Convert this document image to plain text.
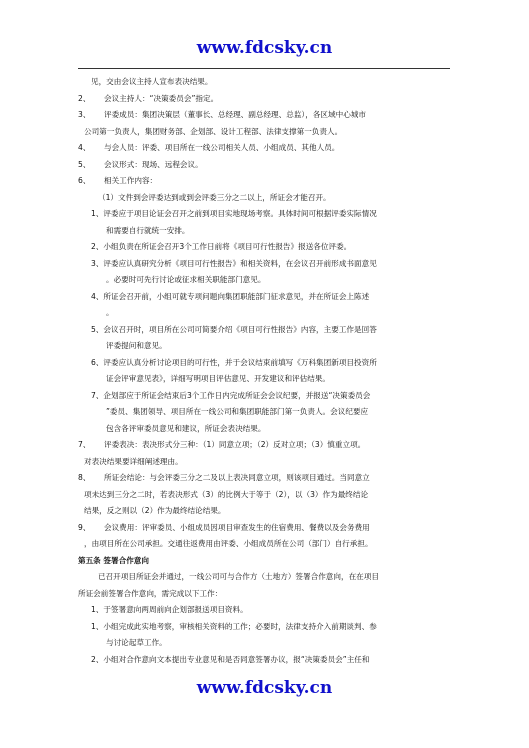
www.fdcsky.cn
见，交由会议主持人宣布表决结果。
2、 会议主持人：“决策委员会”指定。
3、 评委成员：集团决策层（董事长、总经理、副总经理、总监），各区域中心城市
公司第一负责人，集团财务部、企划部、设计工程部、法律支撑第一负责人。
4、 与会人员：评委、项目所在一线公司相关人员、小组成员、其他人员。
5、 会议形式：现场、远程会议。
6、 相关工作内容：
（1）文件到会评委达到或到会评委三分之二以上，所证会才能召开。
1、评委应于项目论证会召开之前到项目实地现场考察。具体时间可根据评委实际情况
和需要自行就统一安排。
2、小组负责在所证会召开3个工作日前将《项目可行性报告》报送各位评委。
3、评委应认真研究分析《项目可行性报告》和相关资料，在会议召开前形成书面意见
。必要时可先行讨论或征求相关职能部门意见。
4、所证会召开前，小组可就专项问题向集团职能部门征求意见，并在所证会上陈述
。
5、会议召开时，项目所在公司可简要介绍《项目可行性报告》内容，主要工作是回答
评委提问和意见。
6、评委应认真分析讨论项目的可行性，并于会议结束前填写《万科集团新项目投资所
证会评审意见表》，详细写明项目评估意见、开发建议和评估结果。
7、企划部应于所证会结束后3个工作日内完成所证会会议纪要，并报送“决策委员会
”委员、集团领导、项目所在一线公司和集团职能部门第一负责人。会议纪要应
包含各评审委员意见和建议，所证会表决结果。
7、 评委表决：表决形式分三种：（1）同意立项；（2）反对立项；（3）慎重立项。
对表决结果要详细阐述理由。
8、 所证会结论：与会评委三分之二及以上表决同意立项，则该项目通过。当同意立
项未达到三分之二时，若表决形式（3）的比例大于等于（2），以（3）作为最终结论
结果，反之则以（2）作为最终结论结果。
9、 会议费用：评审委员、小组成员因项目审查发生的住宿费用、餐费以及会务费用
，由项目所在公司承担。交通往返费用由评委、小组成员所在公司（部门）自行承担。
第五条 签署合作意向
已召开项目所证会并通过，一线公司可与合作方（土地方）签署合作意向，在在项目
所证会前签署合作意向，需完成以下工作：
1、于签署意向两周前向企划部报送项目资料。
1、小组完成此实地考察，审核相关资料的工作；必要时，法律支持介入前期谈判、参
与讨论起草工作。
2、小组对合作意向文本提出专业意见和是否同意签署办议，报“决策委员会”主任和
www.fdcsky.cn
